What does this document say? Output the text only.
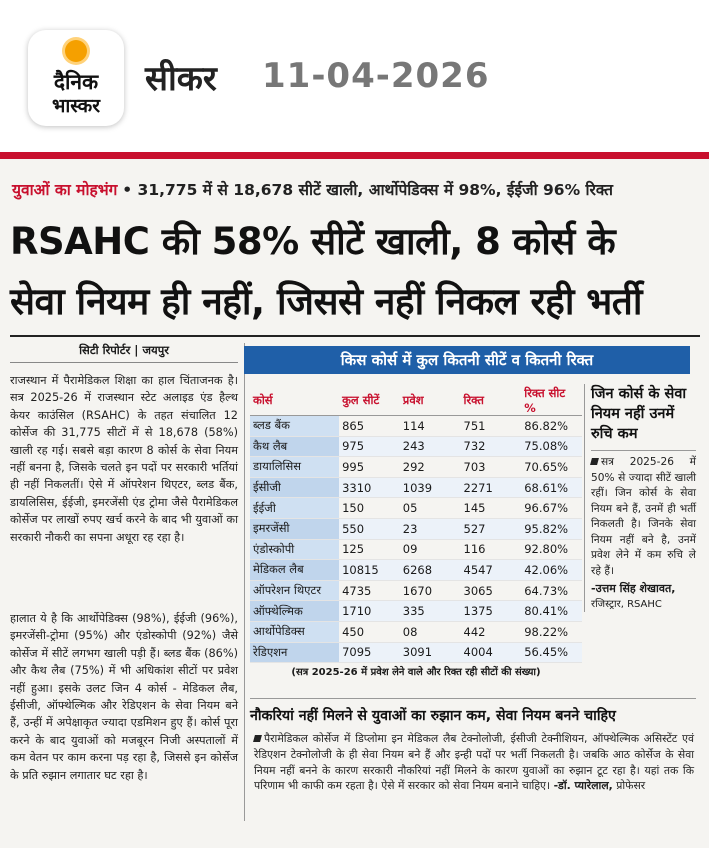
दैनिक
भास्कर
सीकर 11-04-2026
युवाओं का मोहभंग • 31,775 में से 18,678 सीटें खाली, आर्थोपेडिक्स में 98%, ईईजी 96% रिक्त
RSAHC की 58% सीटें खाली, 8 कोर्स के
सेवा नियम ही नहीं, जिससे नहीं निकल रही भर्ती
सिटी रिपोर्टर | जयपुर
राजस्थान में पैरामेडिकल शिक्षा का हाल चिंताजनक है। सत्र 2025-26 में राजस्थान स्टेट अलाइड एंड हैल्थ केयर काउंसिल (RSAHC) के तहत संचालित 12 कोर्सेज की 31,775 सीटों में से 18,678 (58%) खाली रह गई। सबसे बड़ा कारण 8 कोर्स के सेवा नियम नहीं बनना है, जिसके चलते इन पदों पर सरकारी भर्तियां ही नहीं निकलतीं। ऐसे में ऑपरेशन थिएटर, ब्लड बैंक, डायलिसिस, ईईजी, इमरजेंसी एंड ट्रोमा जैसे पैरामेडिकल कोर्सेज पर लाखों रुपए खर्च करने के बाद भी युवाओं का सरकारी नौकरी का सपना अधूरा रह रहा है।
हालात ये है कि आर्थोपेडिक्स (98%), ईईजी (96%), इमरजेंसी-ट्रोमा (95%) और एंडोस्कोपी (92%) जैसे कोर्सेज में सीटें लगभग खाली पड़ी हैं। ब्लड बैंक (86%) और कैथ लैब (75%) में भी अधिकांश सीटों पर प्रवेश नहीं हुआ। इसके उलट जिन 4 कोर्स - मेडिकल लैब, ईसीजी, ऑफ्थेल्मिक और रेडिएशन के सेवा नियम बने हैं, उन्हीं में अपेक्षाकृत ज्यादा एडमिशन हुए हैं। कोर्स पूरा करने के बाद युवाओं को मजबूरन निजी अस्पतालों में कम वेतन पर काम करना पड़ रहा है, जिससे इन कोर्सेज के प्रति रुझान लगातार घट रहा है।
किस कोर्स में कुल कितनी सीटें व कितनी रिक्त
कोर्स	कुल सीटें	प्रवेश	रिक्त	रिक्त सीट %
ब्लड बैंक	865	114	751	86.82%
कैथ लैब	975	243	732	75.08%
डायालिसिस	995	292	703	70.65%
ईसीजी	3310	1039	2271	68.61%
ईईजी	150	05	145	96.67%
इमरजेंसी	550	23	527	95.82%
एंडोस्कोपी	125	09	116	92.80%
मेडिकल लैब	10815	6268	4547	42.06%
ऑपरेशन थिएटर	4735	1670	3065	64.73%
ऑफ्थेल्मिक	1710	335	1375	80.41%
आर्थोपेडिक्स	450	08	442	98.22%
रेडिएशन	7095	3091	4004	56.45%
(सत्र 2025-26 में प्रवेश लेने वाले और रिक्त रही सीटों की संख्या)
जिन कोर्स के सेवा नियम नहीं उनमें रुचि कम
सत्र 2025-26 में 50% से ज्यादा सीटें खाली रहीं। जिन कोर्स के सेवा नियम बने हैं, उनमें ही भर्ती निकलती है। जिनके सेवा नियम नहीं बने है, उनमें प्रवेश लेने में कम रुचि ले रहे हैं।
-उत्तम सिंह शेखावत,
रजिस्ट्रार, RSAHC
नौकरियां नहीं मिलने से युवाओं का रुझान कम, सेवा नियम बनने चाहिए
पैरामेडिकल कोर्सेज में डिप्लोमा इन मेडिकल लैब टेक्नोलोजी, ईसीजी टेक्नीशियन, ऑफ्थेल्मिक असिस्टेंट एवं रेडिएशन टेक्नोलोजी के ही सेवा नियम बने हैं और इन्ही पदों पर भर्ती निकलती है। जबकि आठ कोर्सेज के सेवा नियम नहीं बनने के कारण सरकारी नौकरियां नहीं मिलने के कारण युवाओं का रुझान टूट रहा है। यहां तक कि परिणाम भी काफी कम रहता है। ऐसे में सरकार को सेवा नियम बनाने चाहिए। -डॉ. प्यारेलाल, प्रोफेसर
